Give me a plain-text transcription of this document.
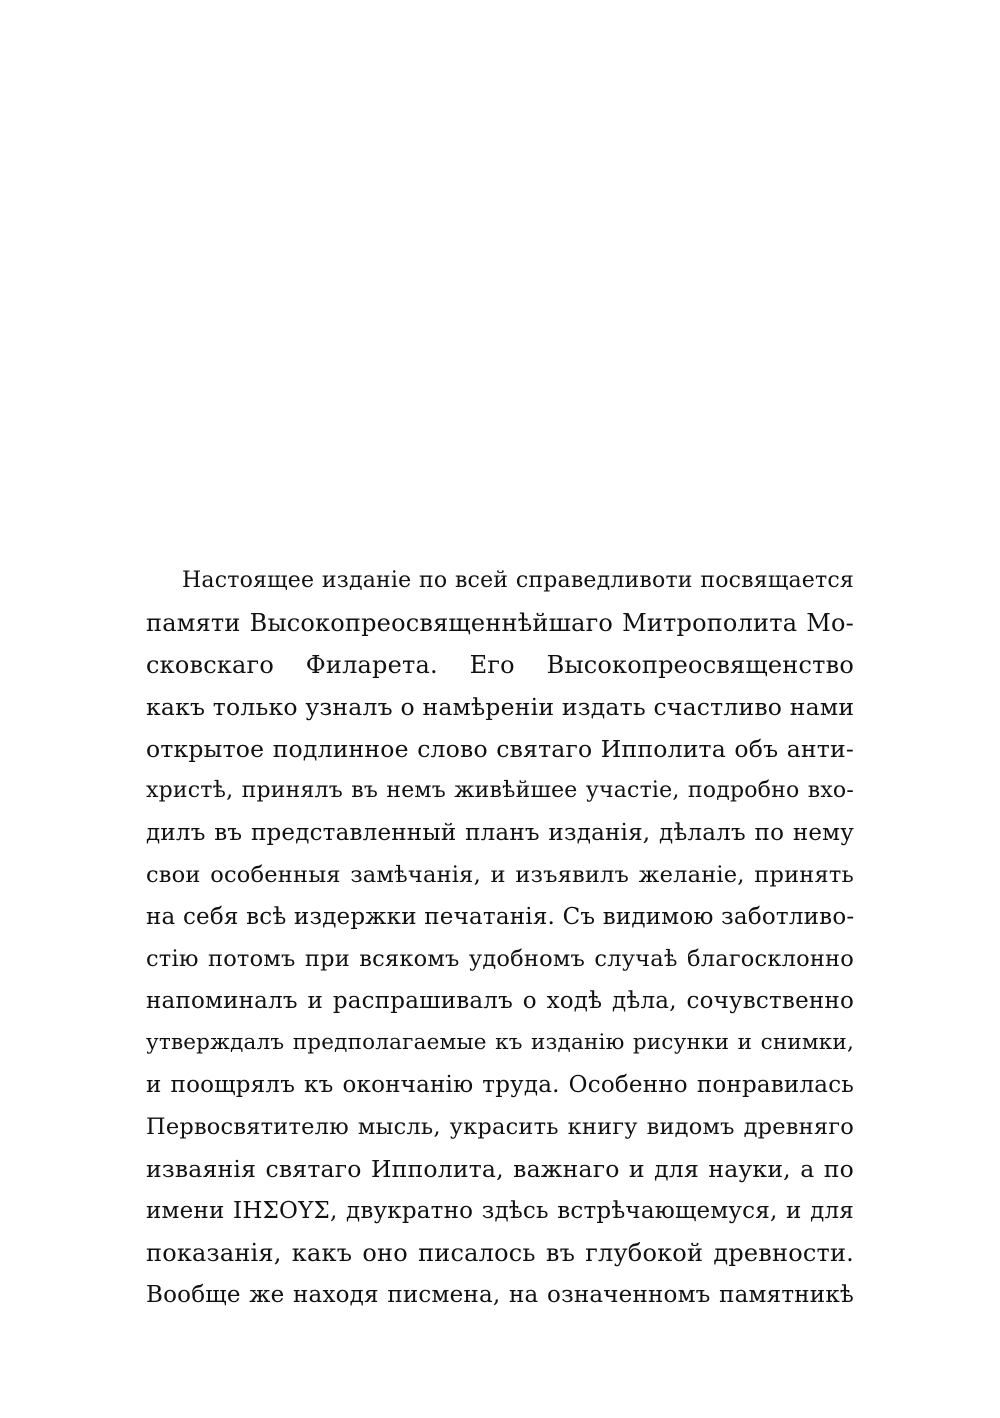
Настоящее изданіе по всей справедливоти посвящается
памяти Высокопреосвященнѣйшаго Митрополита Мо-
сковскаго Филарета. Его Высокопреосвященство
какъ только узналъ о намѣреніи издать счастливо нами
открытое подлинное слово святаго Ипполита объ анти-
христѣ, принялъ въ немъ живѣйшее участіе, подробно вхо-
дилъ въ представленный планъ изданія, дѣлалъ по нему
свои особенныя замѣчанія, и изъявилъ желаніе, принять
на себя всѣ издержки печатанія. Съ видимою заботливо-
стію потомъ при всякомъ удобномъ случаѣ благосклонно
напоминалъ и распрашивалъ о ходѣ дѣла, сочувственно
утверждалъ предполагаемые къ изданію рисунки и снимки,
и поощрялъ къ окончанію труда. Особенно понравилась
Первосвятителю мысль, украсить книгу видомъ древняго
изваянія святаго Ипполита, важнаго и для науки, а по
имени ІНΣΟΥΣ, двукратно здѣсь встрѣчающемуся, и для
показанія, какъ оно писалось въ глубокой древности.
Вообще же находя писмена, на означенномъ памятникѣ
